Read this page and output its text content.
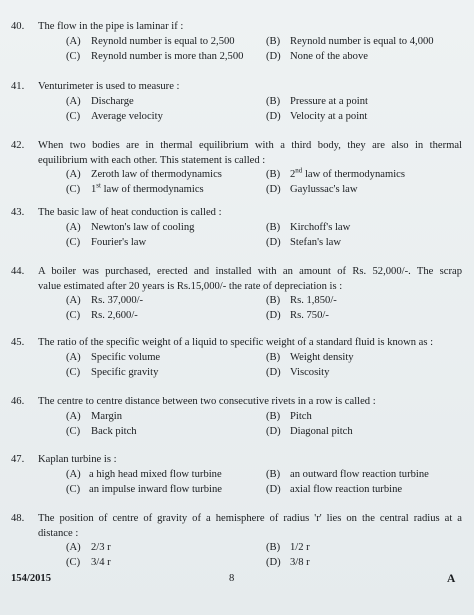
40.	The flow in the pipe is laminar if :
(A) Reynold number is equal to 2,500	(B) Reynold number is equal to 4,000
(C) Reynold number is more than 2,500 (D) None of the above
41.	Venturimeter is used to measure :
(A) Discharge	(B) Pressure at a point
(C) Average velocity	(D) Velocity at a point
42.	When two bodies are in thermal equilibrium with a third body, they are also in thermal
equilibrium with each other. This statement is called :
(A) Zeroth law of thermodynamics	(B) 2nd law of thermodynamics
(C) 1st law of thermodynamics	(D) Gaylussac's law
43.	The basic law of heat conduction is called :
(A) Newton's law of cooling	(B) Kirchoff's law
(C) Fourier's law	(D) Stefan's law
44.	A boiler was purchased, erected and installed with an amount of Rs. 52,000/-. The scrap
value estimated after 20 years is Rs.15,000/- the rate of depreciation is :
(A) Rs. 37,000/-	(B) Rs. 1,850/-
(C) Rs. 2,600/-	(D) Rs. 750/-
45.	The ratio of the specific weight of a liquid to specific weight of a standard fluid is known as :
(A) Specific volume	(B) Weight density
(C) Specific gravity	(D) Viscosity
46.	The centre to centre distance between two consecutive rivets in a row is called :
(A) Margin	(B) Pitch
(C) Back pitch	(D) Diagonal pitch
47.	Kaplan turbine is :
(A) a high head mixed flow turbine	(B) an outward flow reaction turbine
(C) an impulse inward flow turbine	(D) axial flow reaction turbine
48.	The position of centre of gravity of a hemisphere of radius 'r' lies on the central radius at a
distance :
(A) 2/3 r	(B) 1/2 r
(C) 3/4 r	(D) 3/8 r
154/2015	8	A
